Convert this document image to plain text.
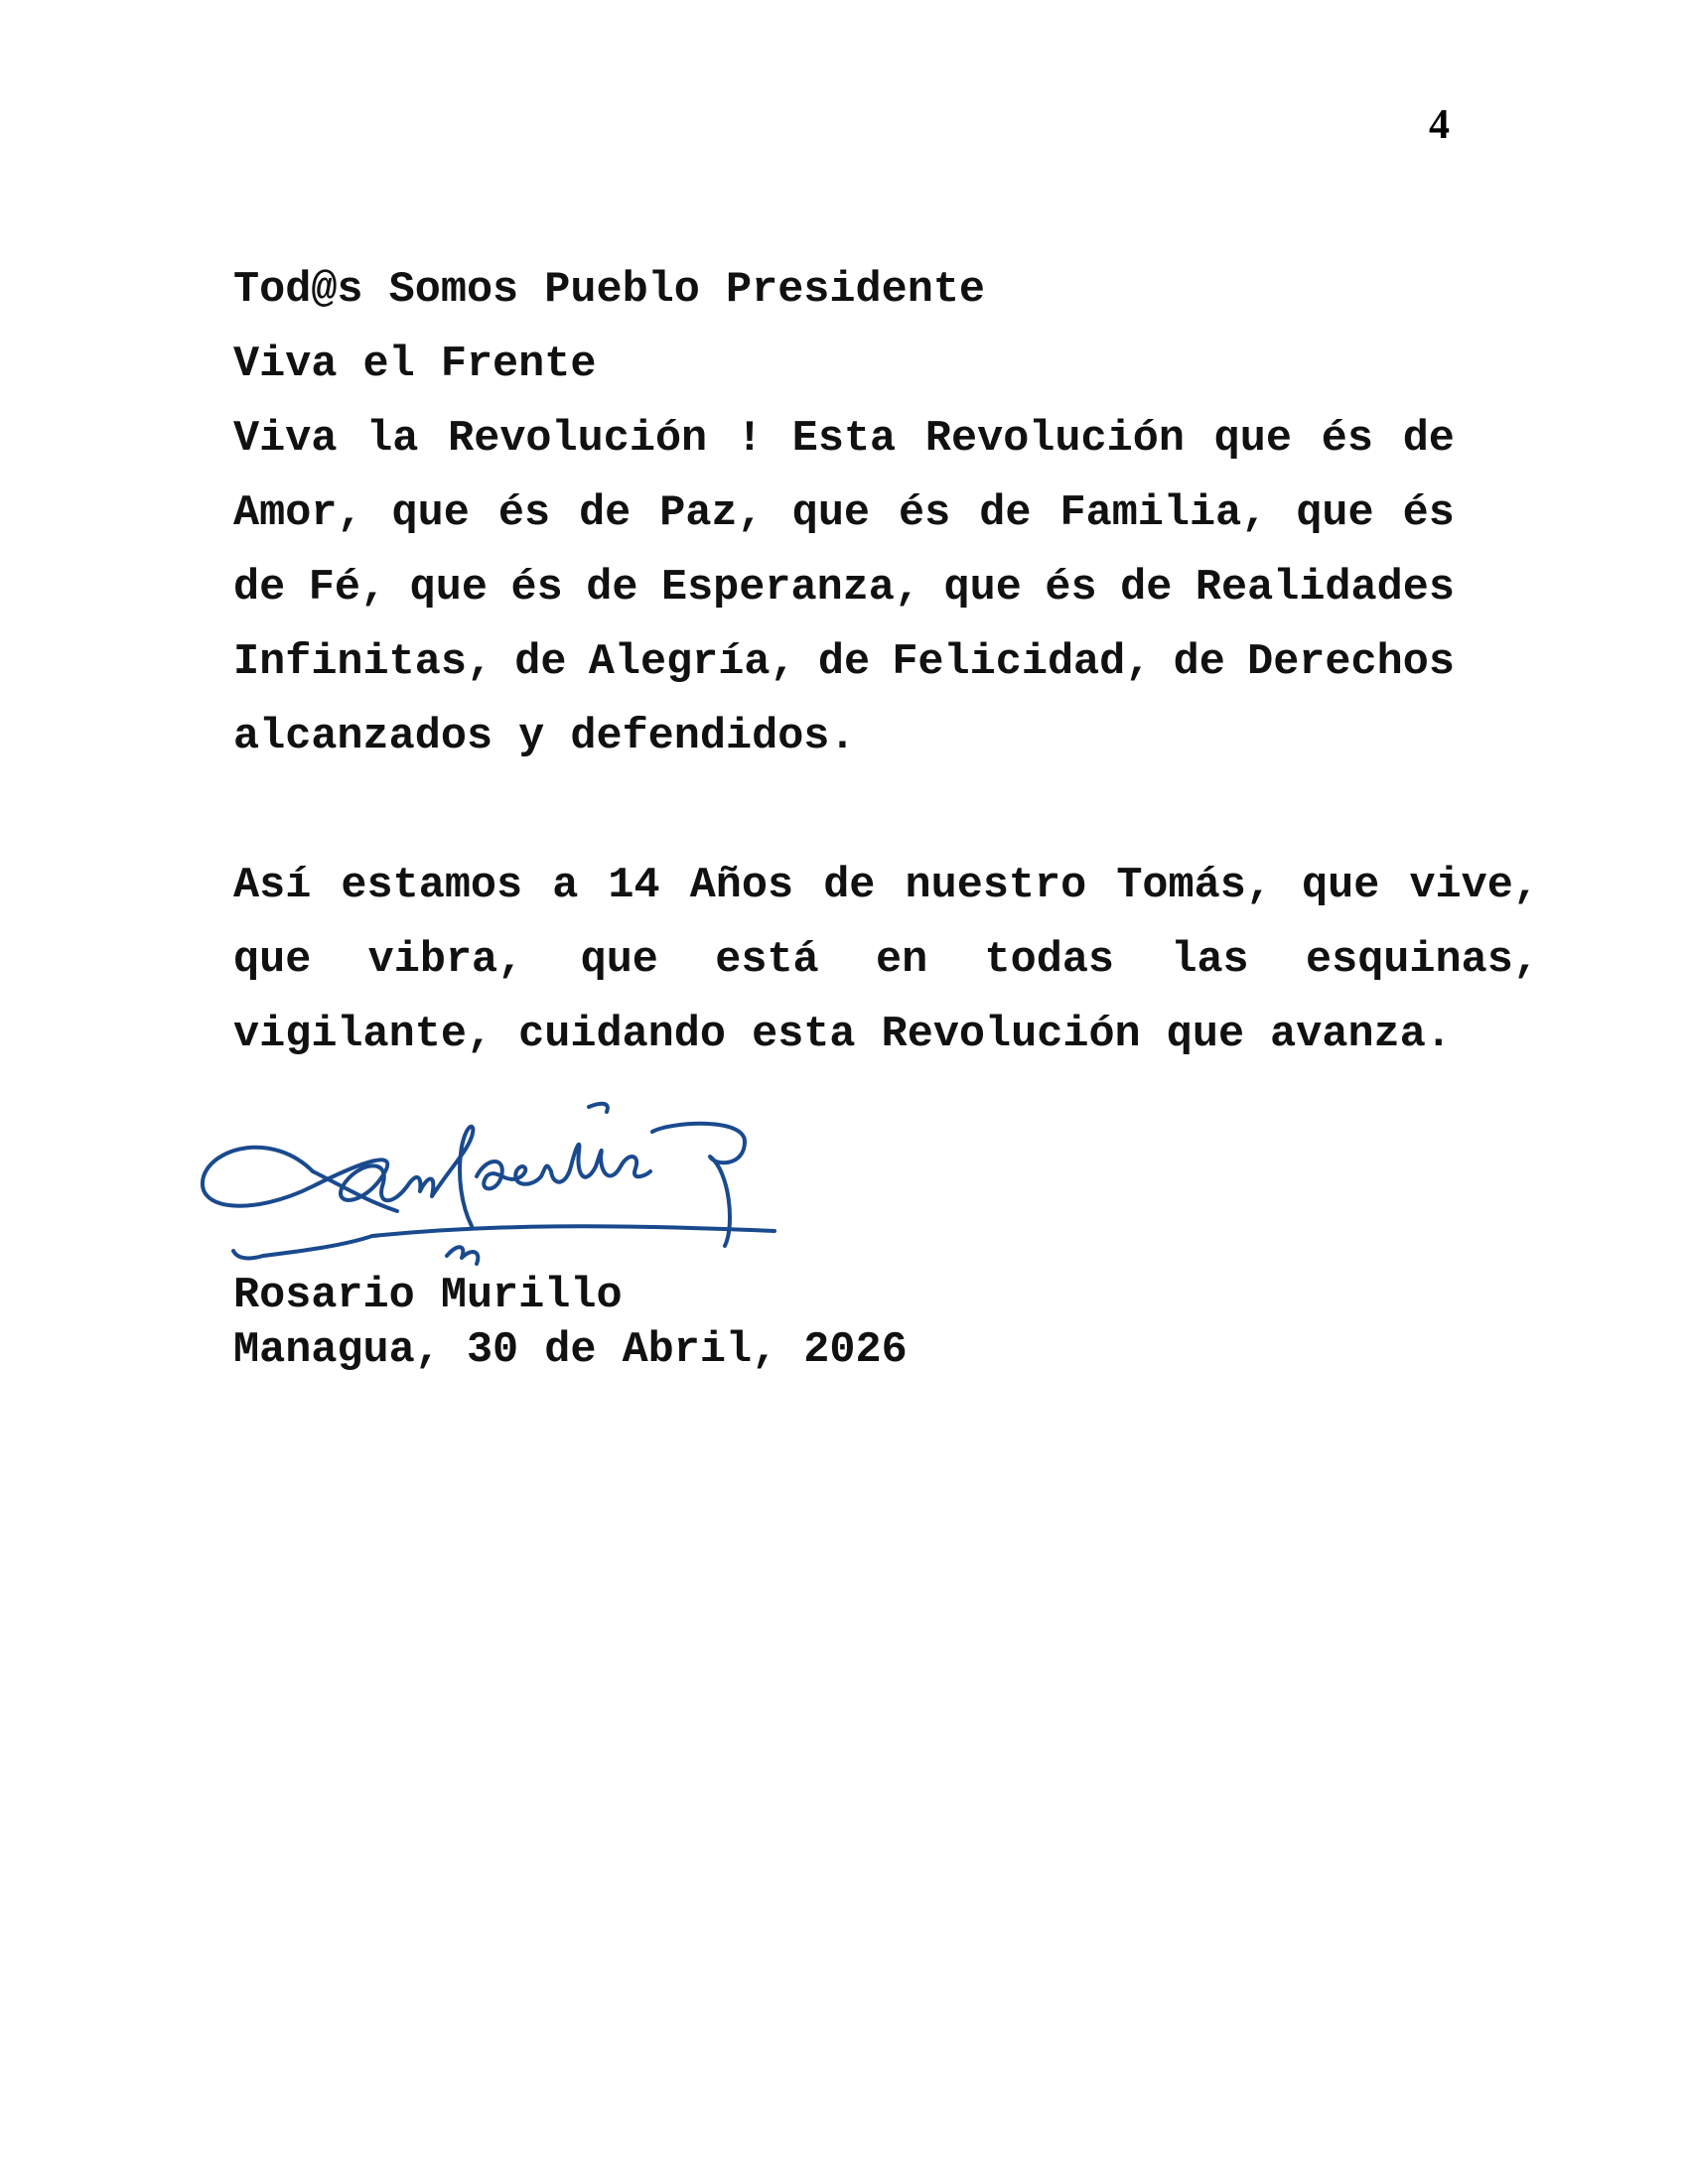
4
Tod@s Somos Pueblo Presidente
Viva el Frente
Viva la Revolución ! Esta Revolución que és de
Amor, que és de Paz, que és de Familia, que és
de Fé, que és de Esperanza, que és de Realidades
Infinitas, de Alegría, de Felicidad, de Derechos
alcanzados y defendidos.
Así estamos a 14 Años de nuestro Tomás, que vive,
que vibra, que está en todas las esquinas,
vigilante, cuidando esta Revolución que avanza.
Rosario Murillo
Managua, 30 de Abril, 2026
